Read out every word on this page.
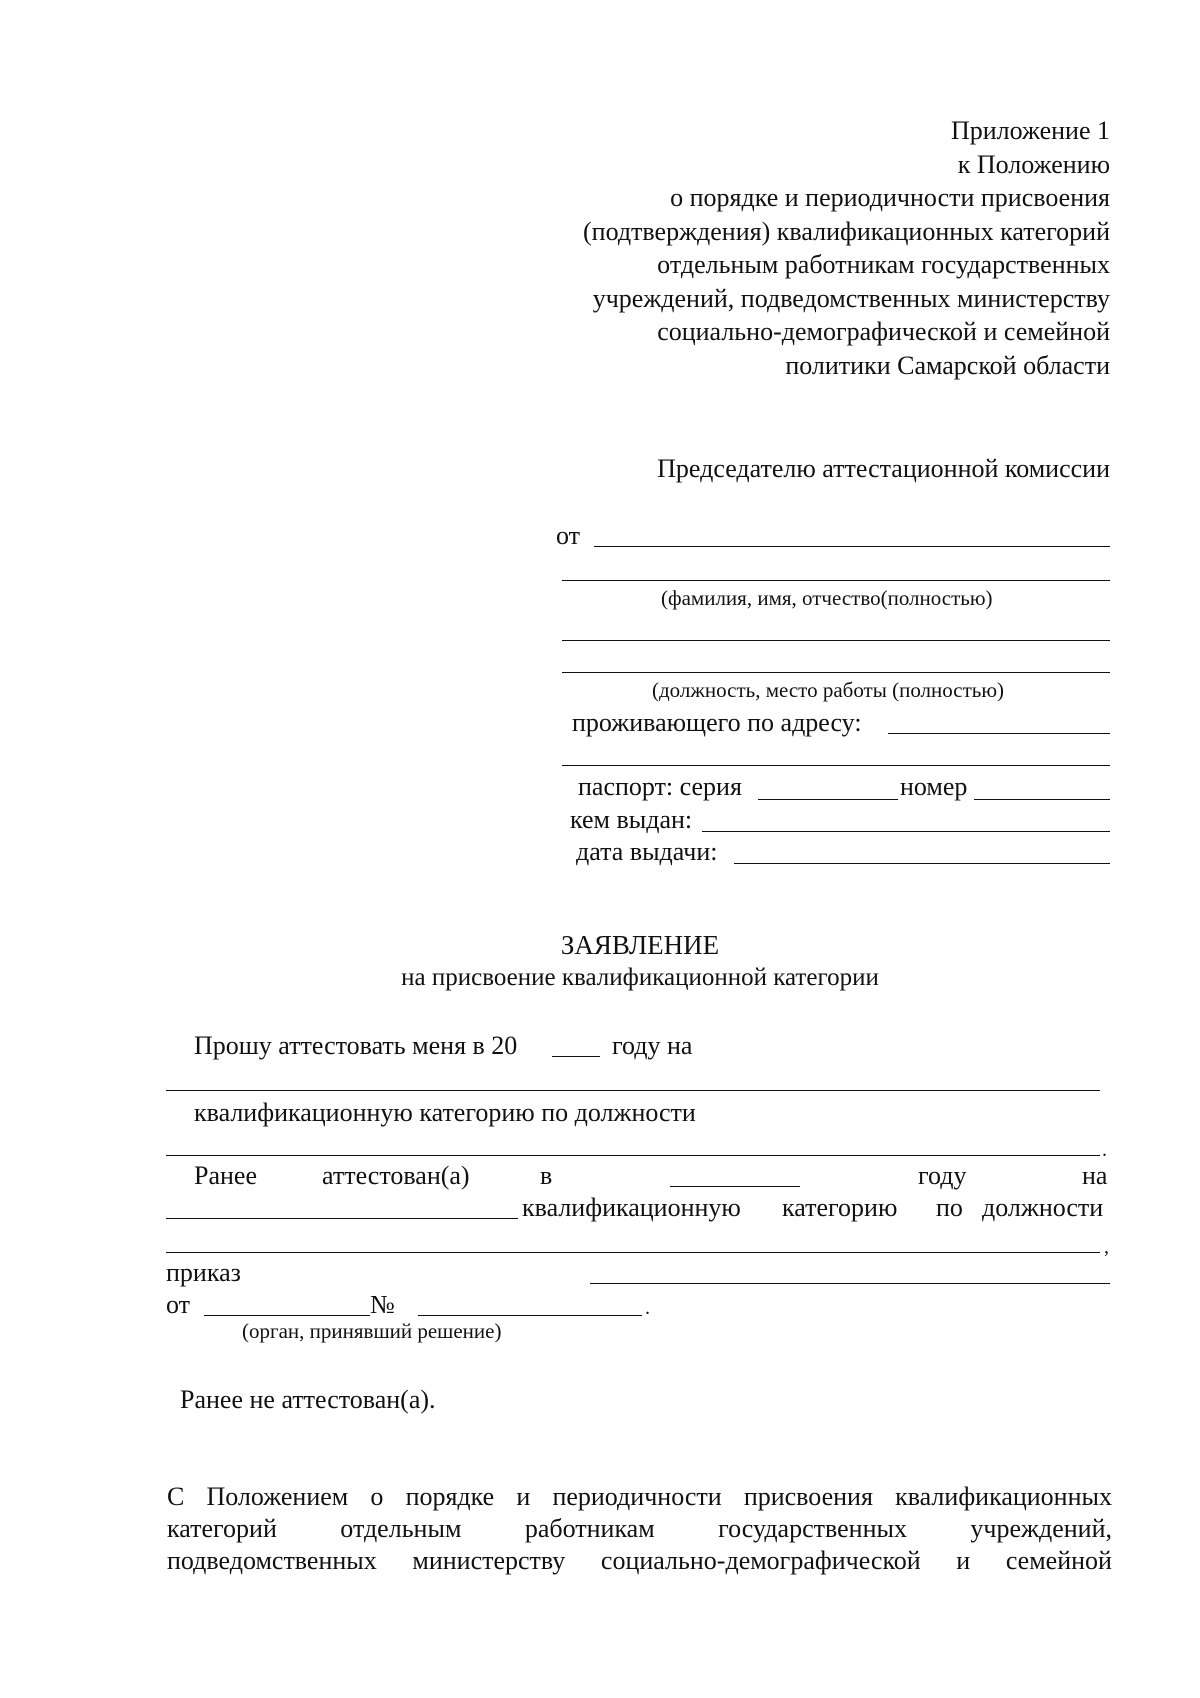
Приложение 1
к Положению
о порядке и периодичности присвоения
(подтверждения) квалификационных категорий
отдельным работникам государственных
учреждений, подведомственных министерству
социально-демографической и семейной
политики Самарской области
Председателю аттестационной комиссии
от
(фамилия, имя, отчество(полностью)
(должность, место работы (полностью)
проживающего по адресу:
паспорт: серия	номер
кем выдан:
дата выдачи:
ЗАЯВЛЕНИЕ
на присвоение квалификационной категории
Прошу аттестовать меня в 20	году на
квалификационную категорию по должности
.
Ранее	аттестован(а)	в	году	на
квалификационную категорию по должности
,
приказ
от	№	.
(орган, принявший решение)
Ранее не аттестован(а).
С Положением о порядке и периодичности присвоения квалификационных
категорий отдельным работникам государственных учреждений,
подведомственных министерству социально-демографической и семейной
